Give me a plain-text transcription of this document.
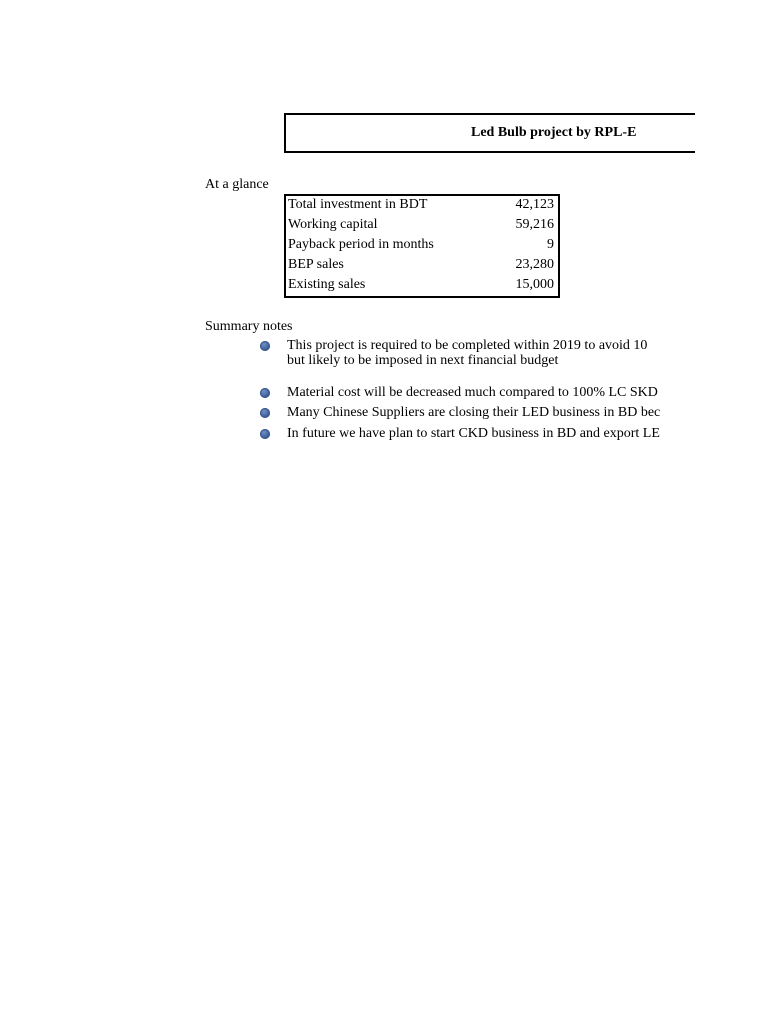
Led Bulb project by RPL-E
At a glance
Total investment in BDT	42,123
Working capital	59,216
Payback period in months	9
BEP sales	23,280
Existing sales	15,000
Summary notes
This project is required to be completed within 2019 to avoid 10
but likely to be imposed in next financial budget
Material cost will be decreased much compared to 100% LC SKD
Many Chinese Suppliers are closing their LED business in BD bec
In future we have plan to start CKD business in BD and export LE
